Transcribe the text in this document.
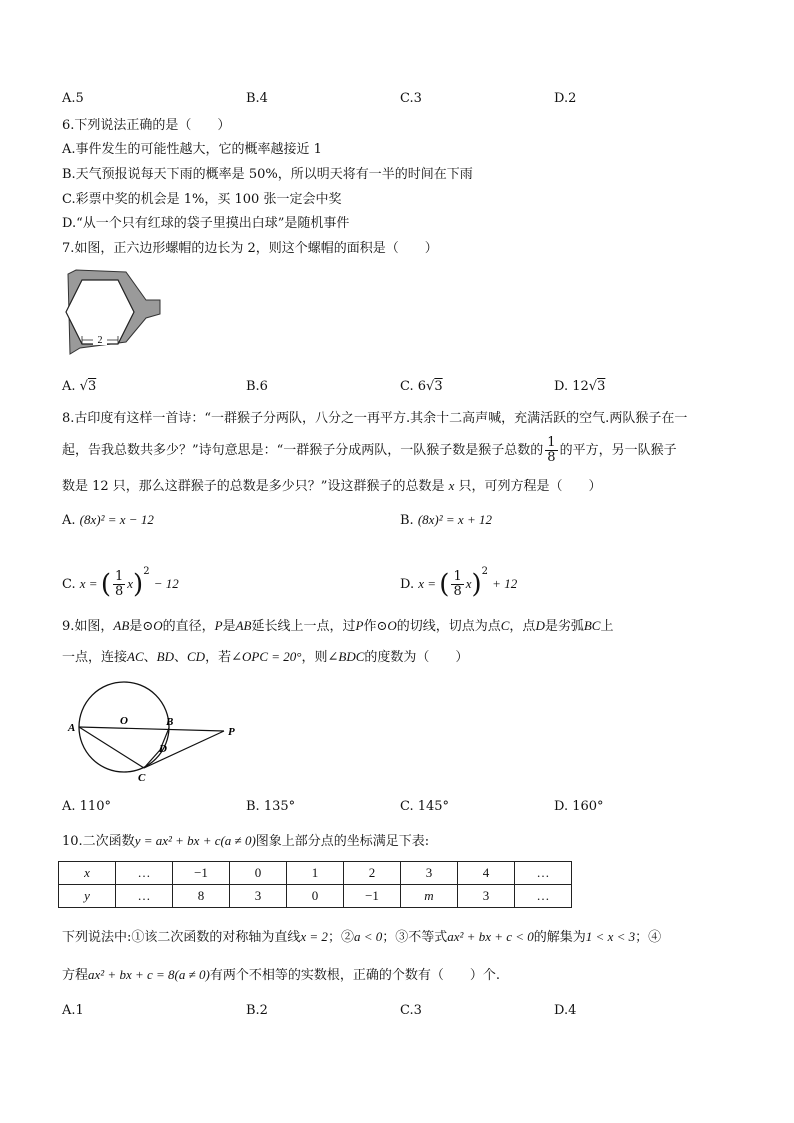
A.5	B.4	C.3	D.2
6.下列说法正确的是（　　）
A.事件发生的可能性越大，它的概率越接近 1
B.天气预报说每天下雨的概率是 50%，所以明天将有一半的时间在下雨
C.彩票中奖的机会是 1%，买 100 张一定会中奖
D.“从一个只有红球的袋子里摸出白球”是随机事件
7.如图，正六边形螺帽的边长为 2，则这个螺帽的面积是（　　）
2
A. √3	B.6	C. 6√3	D. 12√3
8.古印度有这样一首诗：“一群猴子分两队，八分之一再平方.其余十二高声喊，充满活跃的空气.两队猴子在一
起，告我总数共多少？”诗句意思是：“一群猴子分成两队，一队猴子数是猴子总数的 $\frac{1}{8}$ 的平方，另一队猴子
数是 12 只，那么这群猴子的总数是多少只？”设这群猴子的总数是 x 只，可列方程是（　　）
A. (8x)² = x − 12	B. (8x)² = x + 12
C. x = ( $\frac{1}{8} x)^2 - 12$	D. x = ( $\frac{1}{8} x)^2 + 12$
9.如图，AB是⊙O的直径，P是AB延长线上一点，过P作⊙O的切线，切点为点C，点D是劣弧BC上
一点，连接AC、BD、CD，若∠OPC = 20°，则∠BDC的度数为（　　）
A
O	B
P
D
C
A. 110°	B. 135°	C. 145°	D. 160°
10.二次函数y = ax² + bx + c(a ≠ 0)图象上部分点的坐标满足下表:
x	…	−1	0	1	2	3	4	…
y	…	8	3	0	−1	m	3	…
下列说法中:①该二次函数的对称轴为直线x = 2；②a < 0；③不等式ax² + bx + c < 0的解集为1 < x < 3；④
方程ax² + bx + c = 8(a ≠ 0)有两个不相等的实数根，正确的个数有（　　）个.
A.1	B.2	C.3	D.4
